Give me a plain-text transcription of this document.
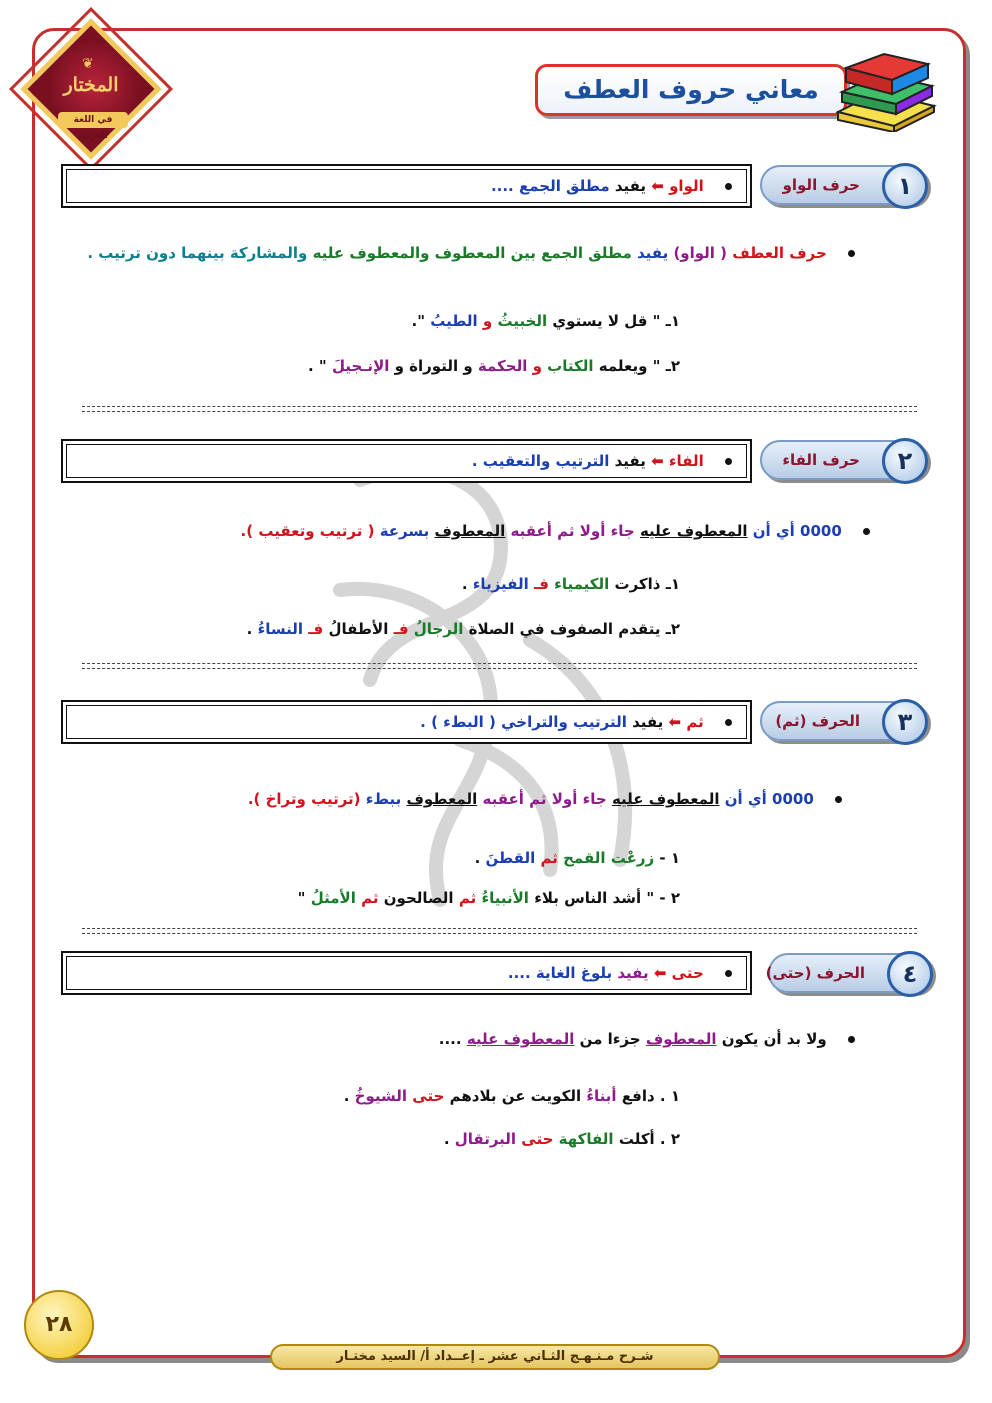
❦
المختار
في اللغة العربية
معاني حروف العطف
حرف الواو	١
الواو ⬅ يفيد مطلق الجمع ....
حرف العطف ( الواو) يفيد مطلق الجمع بين المعطوف والمعطوف عليه والمشاركة بينهما دون ترتيب .
١ـ " قل لا يستوي الخبيثُ و الطيبُ ".
٢ـ " ويعلمه الكتاب و الحكمة و التوراة و الإنـجيلَ " .
حرف الفاء	٢
الفاء ⬅ يفيد الترتيب والتعقيب .
0000 أي أن المعطوف عليه جاء أولا ثم أعقبه المعطوف بسرعة ( ترتيب وتعقيب ).
١ـ ذاكرت الكيمياء فـ الفيزياء .
٢ـ يتقدم الصفوف في الصلاة الرجالُ فـ الأطفالُ فـ النساءُ .
الحرف (ثم)	٣
ثم ⬅ يفيد الترتيب والتراخي ( البطء ) .
0000 أي أن المعطوف عليه جاء أولا ثم أعقبه المعطوف ببطء (ترتيب وتراخ ).
١ - زرعْت القمح ثم القطنَ .
٢ - " أشد الناس بلاء الأنبياءُ ثم الصالحون ثم الأمثلُ "
الحرف (حتى)	٤
حتى ⬅ يفيد بلوغ الغاية ....
ولا بد أن يكون المعطوف جزءا من المعطوف عليه ....
١ . دافع أبناءُ الكويت عن بلادهم حتى الشيوخُ .
٢ . أكلت الفاكهة حتى البرتقال .
٢٨
شـرح مـنـهـج الثـاني عشر ـ إعــداد أ/ السيد مختـار
